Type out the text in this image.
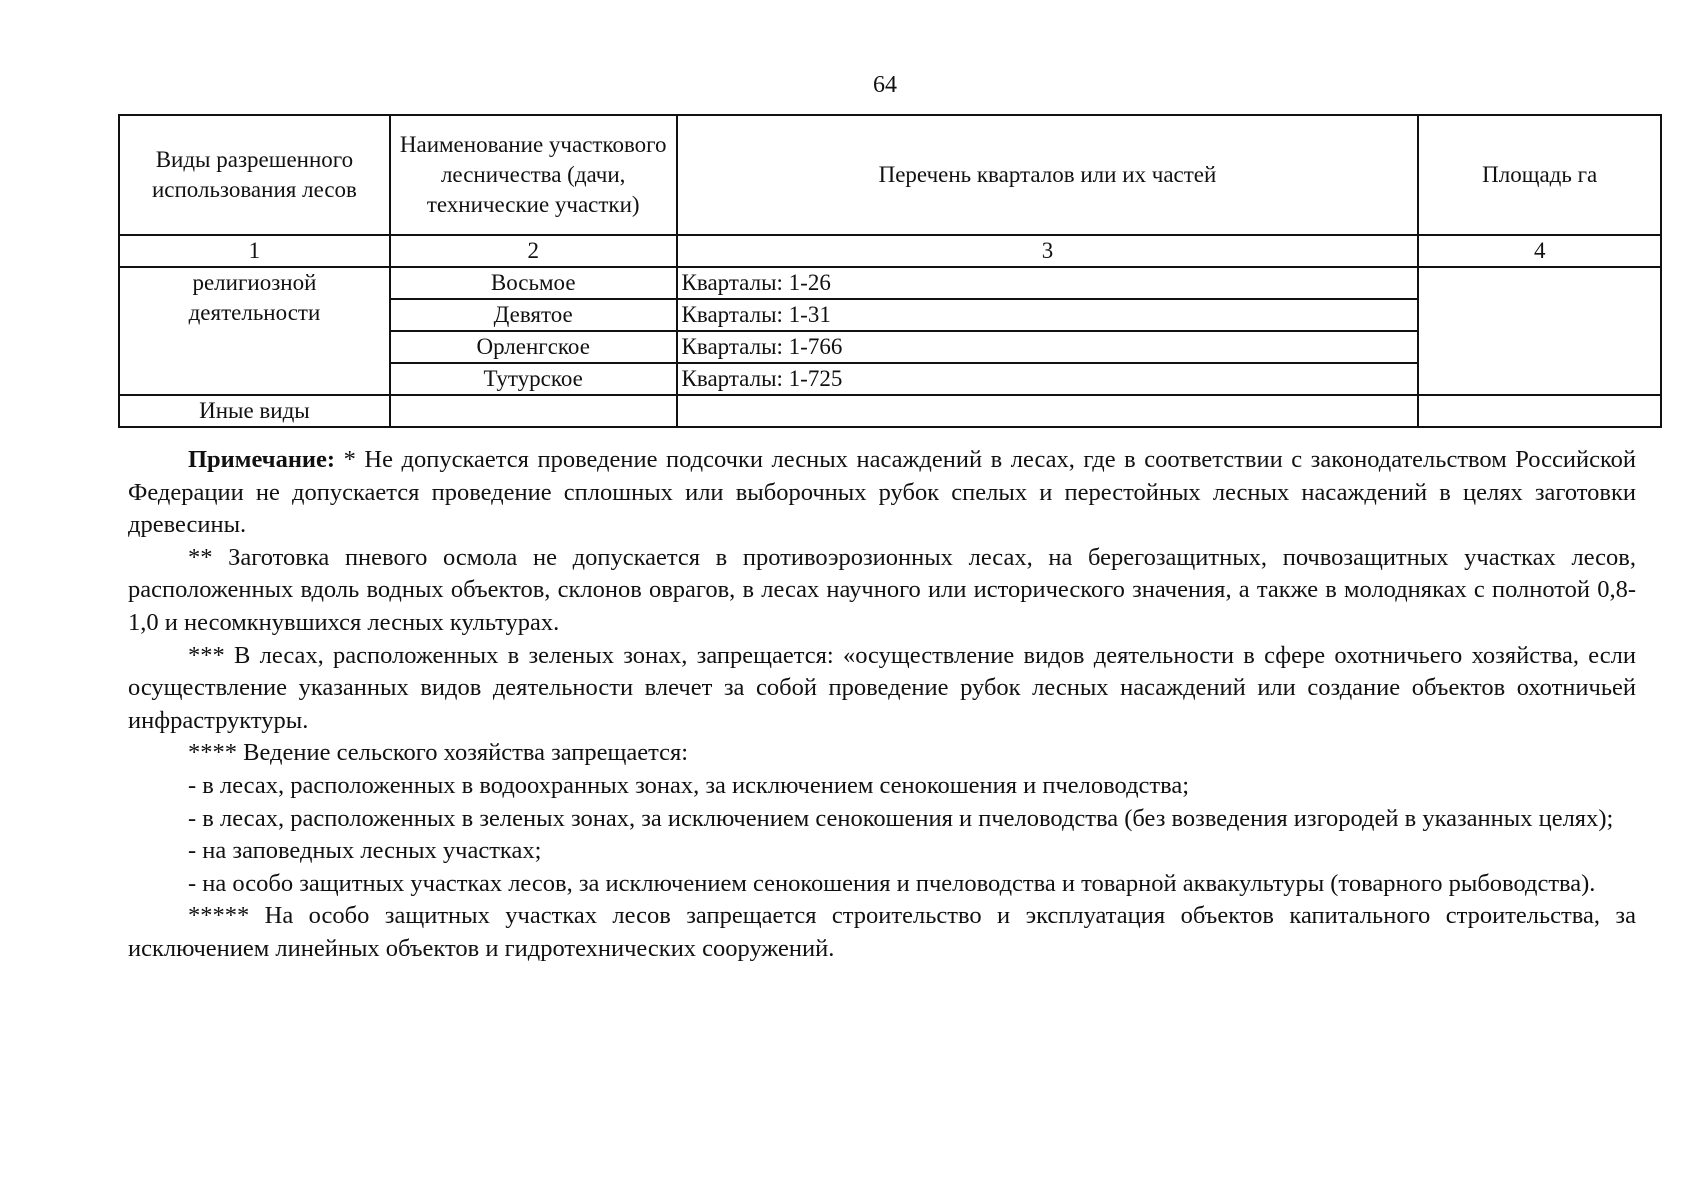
64
Виды разрешенного использования лесов	Наименование участкового лесничества (дачи, технические участки)	Перечень кварталов или их частей	Площадь га
1	2	3	4
религиозной деятельности	Восьмое	Кварталы: 1-26	
	Девятое	Кварталы: 1-31	
	Орленгское	Кварталы: 1-766	
	Тутурское	Кварталы: 1-725	
Иные виды			

Примечание: * Не допускается проведение подсочки лесных насаждений в лесах, где в соответствии с законодательством Российской Федерации не допускается проведение сплошных или выборочных рубок спелых и перестойных лесных насаждений в целях заготовки древесины.

** Заготовка пневого осмола не допускается в противоэрозионных лесах, на берегозащитных, почвозащитных участках лесов, расположенных вдоль водных объектов, склонов оврагов, в лесах научного или исторического значения, а также в молодняках с полнотой 0,8-1,0 и несомкнувшихся лесных культурах.

*** В лесах, расположенных в зеленых зонах, запрещается: «осуществление видов деятельности в сфере охотничьего хозяйства, если осуществление указанных видов деятельности влечет за собой проведение рубок лесных насаждений или создание объектов охотничьей инфраструктуры.

**** Ведение сельского хозяйства запрещается:

- в лесах, расположенных в водоохранных зонах, за исключением сенокошения и пчеловодства;

- в лесах, расположенных в зеленых зонах, за исключением сенокошения и пчеловодства (без возведения изгородей в указанных целях);

- на заповедных лесных участках;

- на особо защитных участках лесов, за исключением сенокошения и пчеловодства и товарной аквакультуры (товарного рыбоводства).

***** На особо защитных участках лесов запрещается строительство и эксплуатация объектов капитального строительства, за исключением линейных объектов и гидротехнических сооружений.
